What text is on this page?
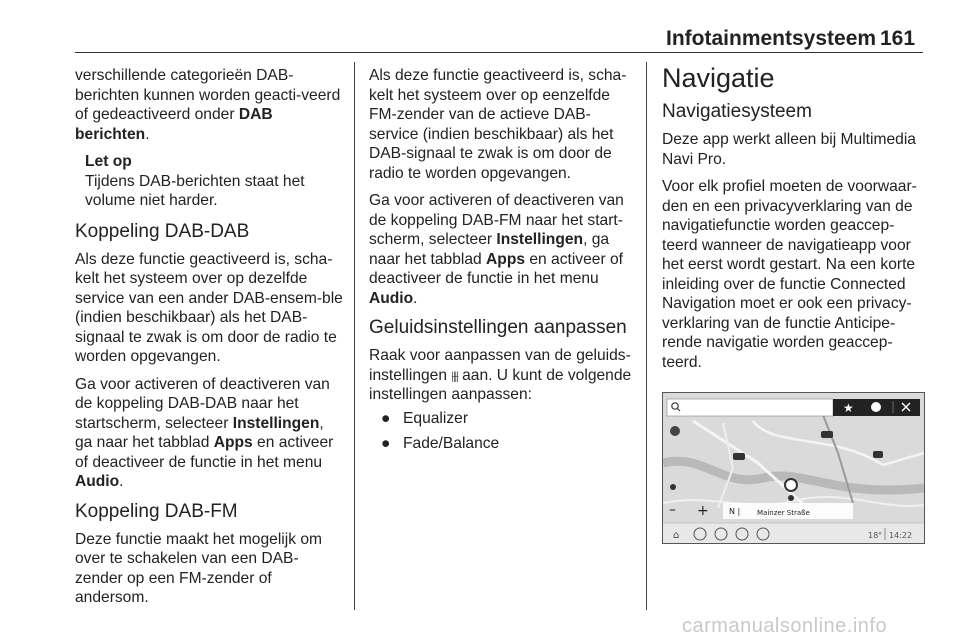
Infotainmentsysteem 161

verschillende categorieën DAB-berichten kunnen worden geacti-veerd of gedeactiveerd onder DAB berichten.

Let op
Tijdens DAB-berichten staat het volume niet harder.
Koppeling DAB-DAB

Als deze functie geactiveerd is, scha-kelt het systeem over op dezelfde service van een ander DAB-ensem-ble (indien beschikbaar) als het DAB-signaal te zwak is om door de radio te worden opgevangen.

Ga voor activeren of deactiveren van de koppeling DAB-DAB naar het startscherm, selecteer Instellingen, ga naar het tabblad Apps en activeer of deactiveer de functie in het menu Audio.

Koppeling DAB-FM

Deze functie maakt het mogelijk om over te schakelen van een DAB-zender op een FM-zender of andersom.

Als deze functie geactiveerd is, scha-kelt het systeem over op eenzelfde FM-zender van de actieve DAB-service (indien beschikbaar) als het DAB-signaal te zwak is om door de radio te worden opgevangen.

Ga voor activeren of deactiveren van de koppeling DAB-FM naar het start-scherm, selecteer Instellingen, ga naar het tabblad Apps en activeer of deactiveer de functie in het menu Audio.

Geluidsinstellingen aanpassen

Raak voor aanpassen van de geluids-instellingen ⫲⫲ aan. U kunt de volgende instellingen aanpassen:

● Equalizer
● Fade/Balance
Navigatie
Navigatiesysteem

Deze app werkt alleen bij Multimedia Navi Pro.

Voor elk profiel moeten de voorwaar-den en een privacyverklaring van de navigatiefunctie worden geaccep-teerd wanneer de navigatieapp voor het eerst wordt gestart. Na een korte inleiding over de functie Connected Navigation moet er ook een privacy-verklaring van de functie Anticipe-rende navigatie worden geaccep-teerd.

★
– +	N | Mainzer Straße
⌂	18° 14:22
carmanualsonline.info
